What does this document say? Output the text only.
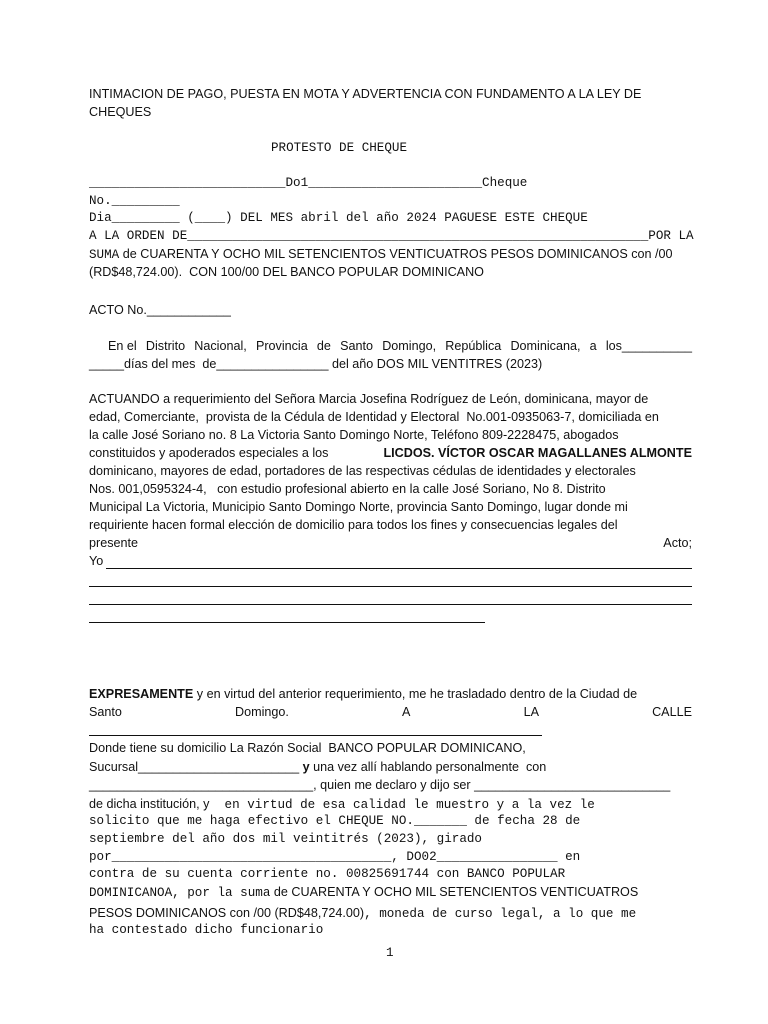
INTIMACION DE PAGO, PUESTA EN MOTA Y ADVERTENCIA CON FUNDAMENTO A LA LEY DE
CHEQUES
PROTESTO DE CHEQUE
__________________________Do1_______________________Cheque
No._________
Dia_________ (____) DEL MES abril del año 2024 PAGUESE ESTE CHEQUE
A LA ORDEN DE_____________________________________________________________ POR LA
SUMA de CUARENTA Y OCHO MIL SETENCIENTOS VENTICUATROS PESOS DOMINICANOS con /00
(RD$48,724.00).  CON 100/00 DEL BANCO POPULAR DOMINICANO
ACTO No.____________
En el Distrito Nacional, Provincia de Santo Domingo, República Dominicana, a los__________
_____días del mes  de________________ del año DOS MIL VENTITRES (2023)
ACTUANDO a requerimiento del Señora Marcia Josefina Rodríguez de León, dominicana, mayor de
edad, Comerciante,  provista de la Cédula de Identidad y Electoral  No.001-0935063-7, domiciliada en
la calle José Soriano no. 8 La Victoria Santo Domingo Norte, Teléfono 809-2228475, abogados
constituidos y apoderados especiales a los	LICDOS. VÍCTOR OSCAR MAGALLANES ALMONTE
dominicano, mayores de edad, portadores de las respectivas cédulas de identidades y electorales
Nos. 001,0595324-4,   con estudio profesional abierto en la calle José Soriano, No 8. Distrito
Municipal La Victoria, Municipio Santo Domingo Norte, provincia Santo Domingo, lugar donde mi
requiriente hacen formal elección de domicilio para todos los fines y consecuencias legales del
presente	Acto;
Yo
EXPRESAMENTE y en virtud del anterior requerimiento, me he trasladado dentro de la Ciudad de
Santo	Domingo.	A	LA	CALLE
Donde tiene su domicilio La Razón Social  BANCO POPULAR DOMINICANO,
Sucursal_______________________ y una vez allí hablando personalmente  con
________________________________, quien me declaro y dijo ser ____________________________
de dicha institución, y en virtud de esa calidad le muestro y a la vez le
solicito que me haga efectivo el CHEQUE NO._______ de fecha 28 de
septiembre del año dos mil veintitrés (2023), girado
por_____________________________________, DO02________________ en
contra de su cuenta corriente no. 00825691744 con BANCO POPULAR
DOMINICANOA, por la suma de CUARENTA Y OCHO MIL SETENCIENTOS VENTICUATROS
PESOS DOMINICANOS con /00 (RD$48,724.00), moneda de curso legal, a lo que me
ha contestado dicho funcionario
1
